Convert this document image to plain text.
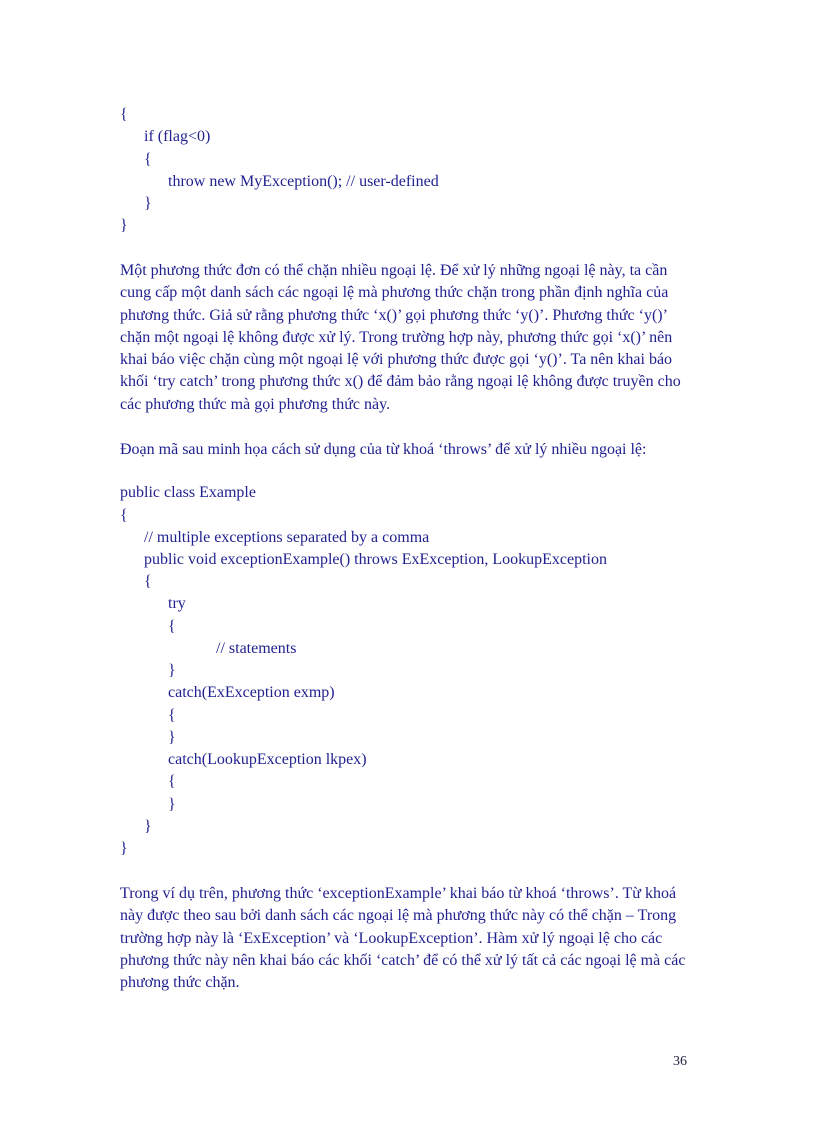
{
if (flag<0)
{
throw new MyException(); // user-defined
}
}

Một phương thức đơn có thể chặn nhiều ngoại lệ. Để xử lý những ngoại lệ này, ta cần cung cấp một danh sách các ngoại lệ mà phương thức chặn trong phần định nghĩa của phương thức. Giả sử rằng phương thức ‘x()’ gọi phương thức ‘y()’. Phương thức ‘y()’ chặn một ngoại lệ không được xử lý. Trong trường hợp này, phương thức gọi ‘x()’ nên khai báo việc chặn cùng một ngoại lệ với phương thức được gọi ‘y()’. Ta nên khai báo khối ‘try catch’ trong phương thức x() để đảm bảo rằng ngoại lệ không được truyền cho các phương thức mà gọi phương thức này.

Đoạn mã sau minh họa cách sử dụng của từ khoá ‘throws’ để xử lý nhiều ngoại lệ:

public class Example
{
// multiple exceptions separated by a comma
public void exceptionExample() throws ExException, LookupException
{
try
{
// statements
}
catch(ExException exmp)
{
}
catch(LookupException lkpex)
{
}
}
}

Trong ví dụ trên, phương thức ‘exceptionExample’ khai báo từ khoá ‘throws’. Từ khoá này được theo sau bởi danh sách các ngoại lệ mà phương thức này có thể chặn – Trong trường hợp này là ‘ExException’ và ‘LookupException’. Hàm xử lý ngoại lệ cho các phương thức này nên khai báo các khối ‘catch’ để có thể xử lý tất cả các ngoại lệ mà các phương thức chặn.

36
